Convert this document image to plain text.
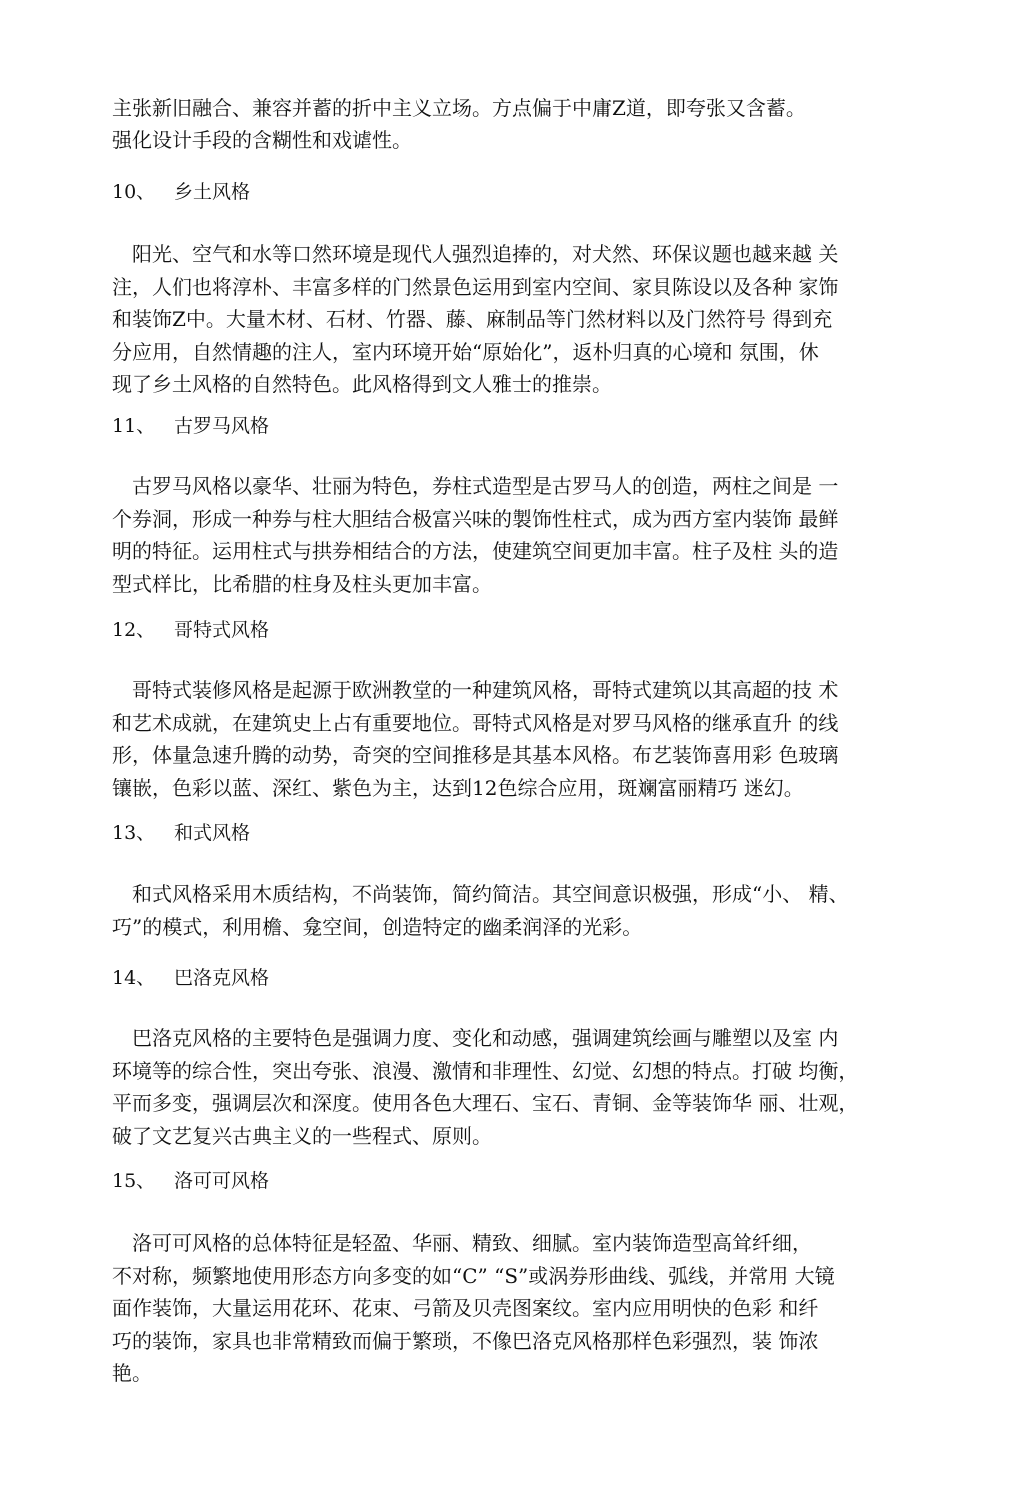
主张新旧融合、兼容并蓄的折中主义立场。方点偏于中庸Z道，即夸张又含蓄。

强化设计手段的含糊性和戏谑性。

10、 乡土风格

　阳光、空气和水等口然环境是现代人强烈追捧的，对犬然、环保议题也越来越 关
注，人们也将淳朴、丰富多样的门然景色运用到室内空间、家貝陈设以及各种 家饰
和装饰Z中。大量木材、石材、竹器、藤、麻制品等门然材料以及门然符号 得到充
分应用，自然情趣的注人，室内环境开始“原始化”，返朴归真的心境和 氛围，休
现了乡土风格的自然特色。此风格得到文人雅士的推崇。

11、 古罗马风格

　古罗马风格以豪华、壮丽为特色，券柱式造型是古罗马人的创造，两柱之间是 一
个券洞，形成一种券与柱大胆结合极富兴味的製饰性柱式，成为西方室内装饰 最鲜
明的特征。运用柱式与拱券相结合的方法，使建筑空间更加丰富。柱子及柱 头的造
型式样比，比希腊的柱身及柱头更加丰富。

12、 哥特式风格

　哥特式装修风格是起源于欧洲教堂的一种建筑风格，哥特式建筑以其高超的技 术
和艺术成就，在建筑史上占有重要地位。哥特式风格是对罗马风格的继承直升 的线
形，体量急速升腾的动势，奇突的空间推移是其基本风格。布艺装饰喜用彩 色玻璃
镶嵌，色彩以蓝、深红、紫色为主，达到12色综合应用，斑斓富丽精巧 迷幻。

13、 和式风格

　和式风格采用木质结构，不尚装饰，简约简洁。其空间意识极强，形成“小、 精、
巧”的模式，利用檐、龛空间，创造特定的幽柔润泽的光彩。

14、 巴洛克风格

　巴洛克风格的主要特色是强调力度、变化和动感，强调建筑绘画与雕塑以及室 内
环境等的综合性，突出夸张、浪漫、激情和非理性、幻觉、幻想的特点。打破 均衡，
平而多变，强调层次和深度。使用各色大理石、宝石、青铜、金等装饰华 丽、壮观，
破了文艺复兴古典主义的一些程式、原则。

15、 洛可可风格

　洛可可风格的总体特征是轻盈、华丽、精致、细腻。室内装饰造型高耸纤细，
不对称，频繁地使用形态方向多变的如“C” “S”或涡券形曲线、弧线，并常用 大镜
面作装饰，大量运用花环、花束、弓箭及贝壳图案纹。室内应用明快的色彩 和纤
巧的装饰，家具也非常精致而偏于繁琐，不像巴洛克风格那样色彩强烈，装 饰浓
艳。
